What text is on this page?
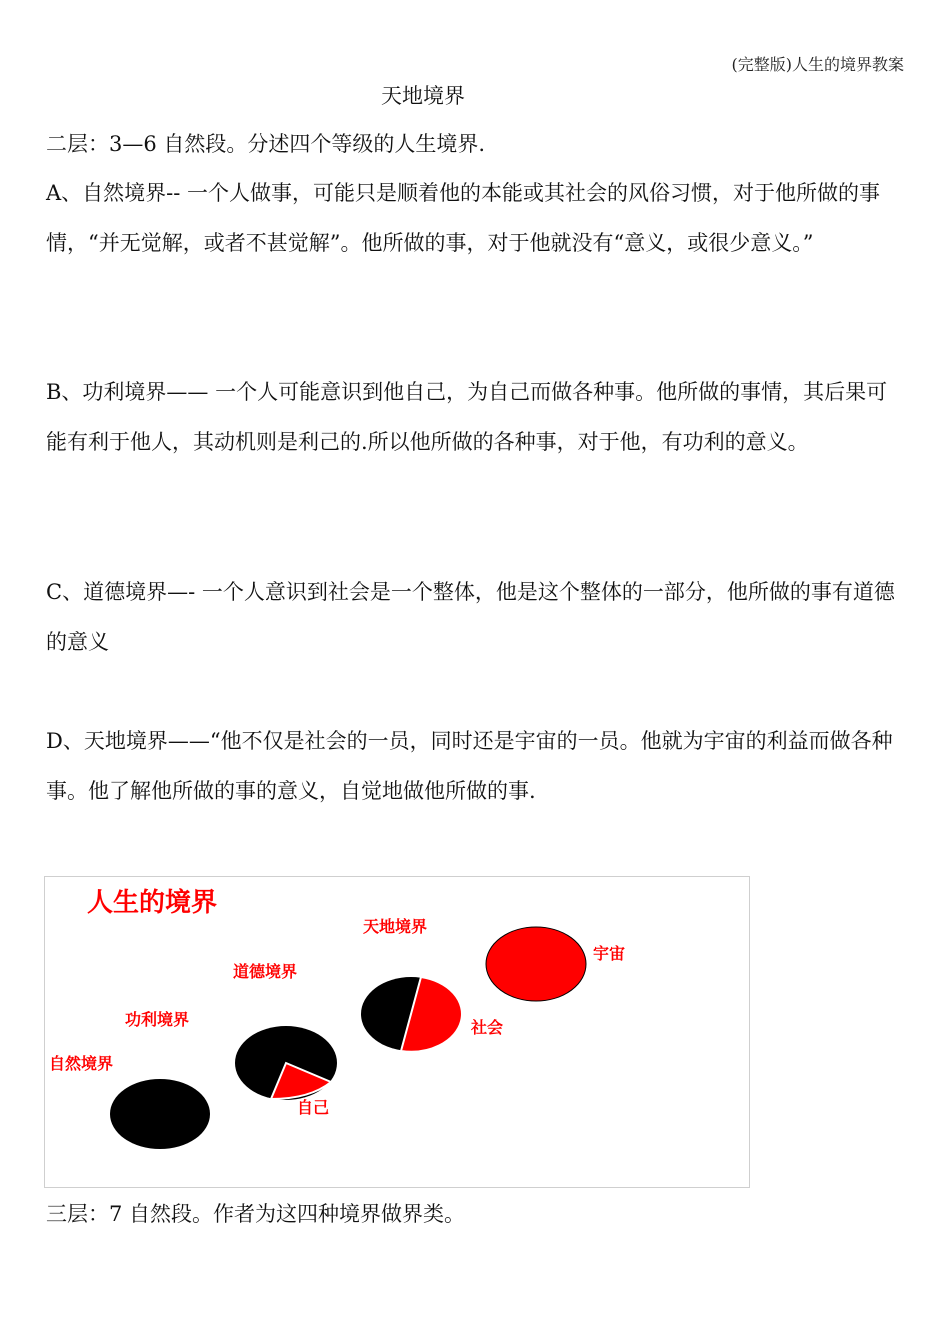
(完整版)人生的境界教案
天地境界

二层：3—6 自然段。分述四个等级的人生境界.

A、自然境界-- 一个人做事，可能只是顺着他的本能或其社会的风俗习惯，对于他所做的事情，“并无觉解，或者不甚觉解”。他所做的事，对于他就没有“意义，或很少意义。”

B、功利境界—— 一个人可能意识到他自己，为自己而做各种事。他所做的事情，其后果可能有利于他人，其动机则是利己的.所以他所做的各种事，对于他，有功利的意义。

C、道德境界—- 一个人意识到社会是一个整体，他是这个整体的一部分，他所做的事有道德的意义

D、天地境界——“他不仅是社会的一员，同时还是宇宙的一员。他就为宇宙的利益而做各种事。他了解他所做的事的意义，自觉地做他所做的事.

人生的境界
自然境界
功利境界
道德境界
天地境界
自己
社会
宇宙

三层：7 自然段。作者为这四种境界做界类。
